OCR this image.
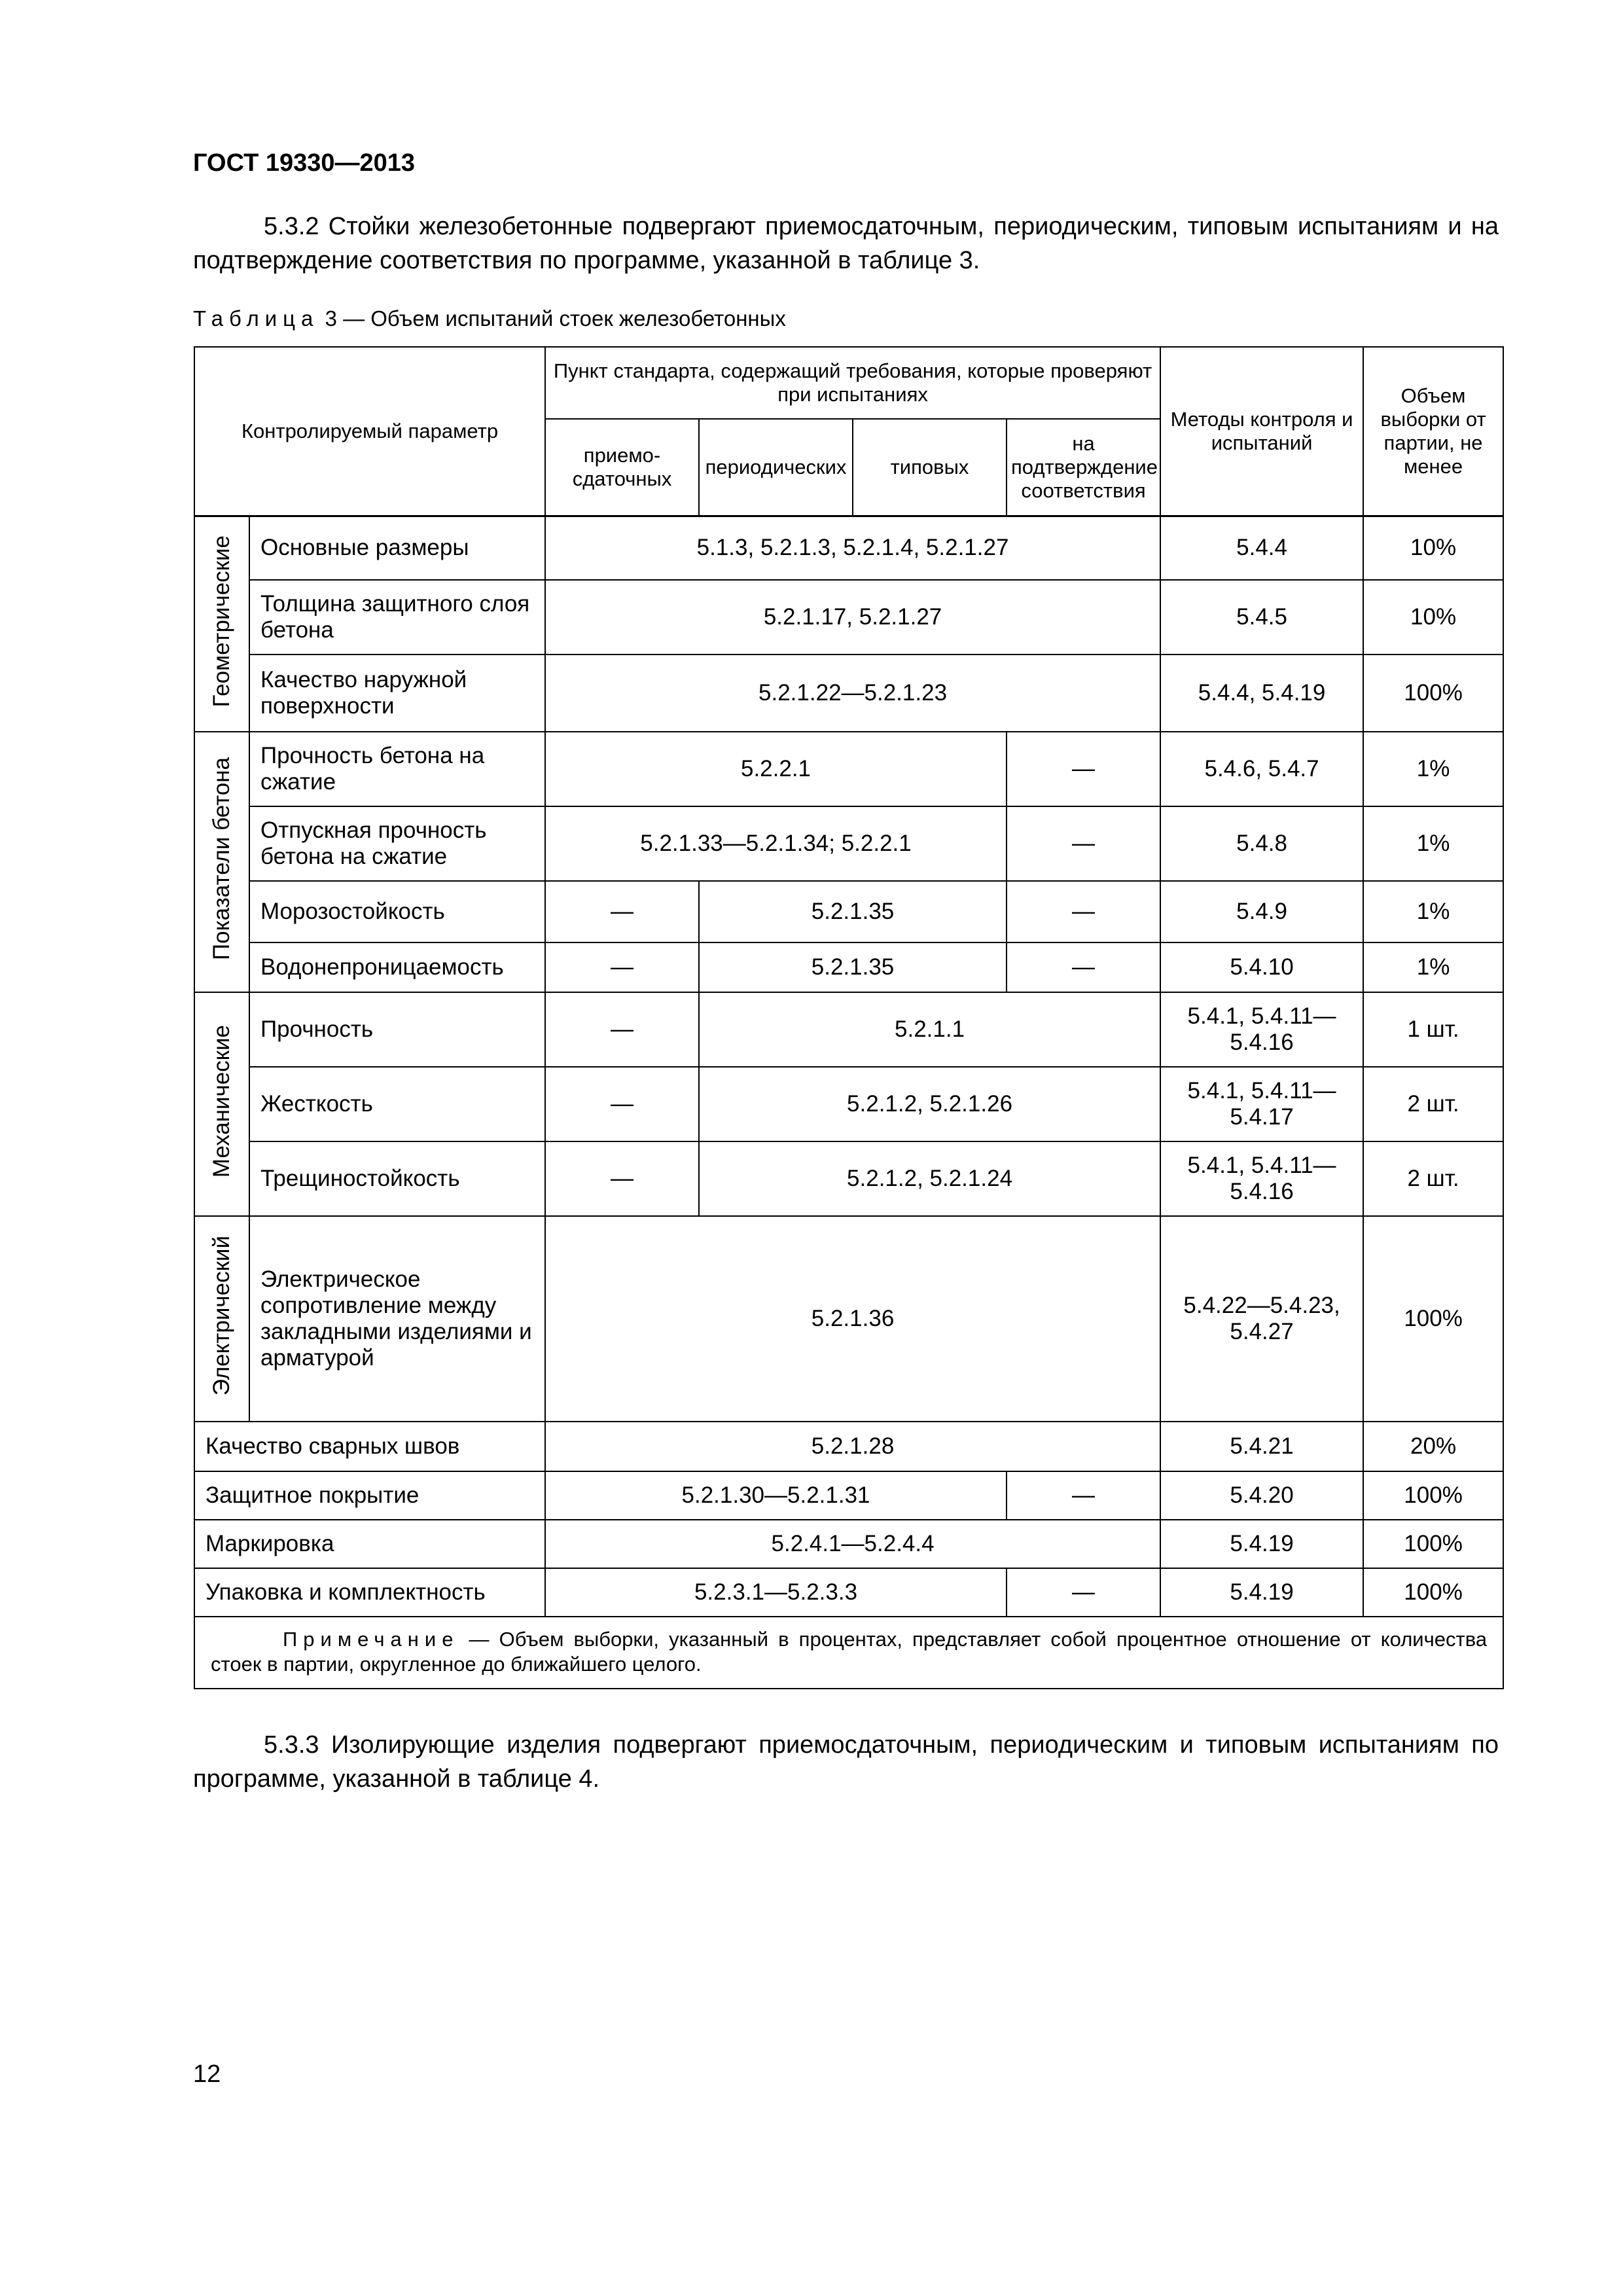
ГОСТ 19330—2013

5.3.2 Стойки железобетонные подвергают приемосдаточным, периодическим, типовым испытаниям и на подтверждение соответствия по программе, указанной в таблице 3.

Таблица 3 — Объем испытаний стоек железобетонных
Контролируемый параметр		Пункт стандарта, содержащий требования, которые проверяют при испытаниях				Методы контроля и испытаний	Объем выборки от партии, не менее
		приемо-сдаточных	периодических	типовых	на подтверждение соответствия		
Геометрические	Основные размеры	5.1.3, 5.2.1.3, 5.2.1.4, 5.2.1.27				5.4.4	10%
	Толщина защитного слоя бетона	5.2.1.17, 5.2.1.27				5.4.5	10%
	Качество наружной поверхности	5.2.1.22—5.2.1.23				5.4.4, 5.4.19	100%
Показатели бетона	Прочность бетона на сжатие	5.2.2.1			—	5.4.6, 5.4.7	1%
	Отпускная прочность бетона на сжатие	5.2.1.33—5.2.1.34; 5.2.2.1			—	5.4.8	1%
	Морозостойкость	—	5.2.1.35		—	5.4.9	1%
	Водонепроницаемость	—	5.2.1.35		—	5.4.10	1%
Механические	Прочность	—	5.2.1.1			5.4.1, 5.4.11—5.4.16	1 шт.
	Жесткость	—	5.2.1.2, 5.2.1.26			5.4.1, 5.4.11—5.4.17	2 шт.
	Трещиностойкость	—	5.2.1.2, 5.2.1.24			5.4.1, 5.4.11—5.4.16	2 шт.
Электрический	Электрическое сопротивление между закладными изделиями и арматурой	5.2.1.36				5.4.22—5.4.23, 5.4.27	100%
Качество сварных швов		5.2.1.28				5.4.21	20%
Защитное покрытие		5.2.1.30—5.2.1.31			—	5.4.20	100%
Маркировка		5.2.4.1—5.2.4.4				5.4.19	100%
Упаковка и комплектность		5.2.3.1—5.2.3.3			—	5.4.19	100%
Примечание — Объем выборки, указанный в процентах, представляет собой процентное отношение от количества стоек в партии, округленное до ближайшего целого.							

5.3.3 Изолирующие изделия подвергают приемосдаточным, периодическим и типовым испытаниям по программе, указанной в таблице 4.

12
